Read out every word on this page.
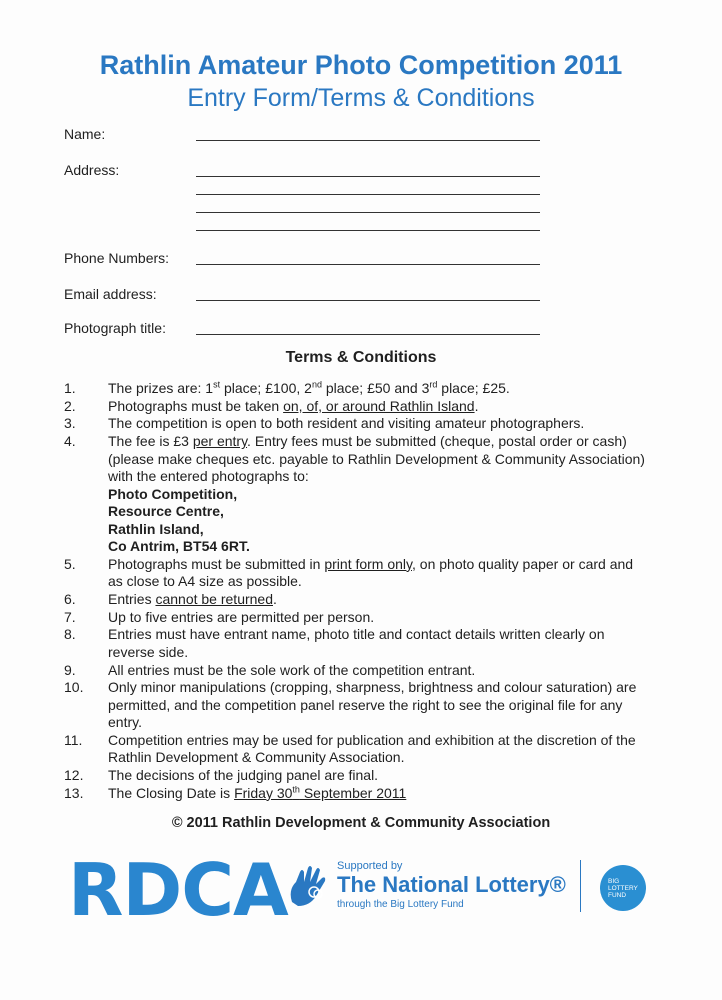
Rathlin Amateur Photo Competition 2011
Entry Form/Terms & Conditions
Name:
Address:
Phone Numbers:
Email address:
Photograph title:
Terms & Conditions
1. The prizes are: 1st place; £100, 2nd place; £50 and 3rd place; £25.
2. Photographs must be taken on, of, or around Rathlin Island.
3. The competition is open to both resident and visiting amateur photographers.
4. The fee is £3 per entry. Entry fees must be submitted (cheque, postal order or cash) (please make cheques etc. payable to Rathlin Development & Community Association) with the entered photographs to:
Photo Competition,
Resource Centre,
Rathlin Island,
Co Antrim, BT54 6RT.
5. Photographs must be submitted in print form only, on photo quality paper or card and as close to A4 size as possible.
6. Entries cannot be returned.
7. Up to five entries are permitted per person.
8. Entries must have entrant name, photo title and contact details written clearly on reverse side.
9. All entries must be the sole work of the competition entrant.
10. Only minor manipulations (cropping, sharpness, brightness and colour saturation) are permitted, and the competition panel reserve the right to see the original file for any entry.
11. Competition entries may be used for publication and exhibition at the discretion of the Rathlin Development & Community Association.
12. The decisions of the judging panel are final.
13. The Closing Date is Friday 30th September 2011
© 2011 Rathlin Development & Community Association
RDCA	Supported by
The National Lottery®
through the Big Lottery Fund
BIG
LOTTERY
FUND
